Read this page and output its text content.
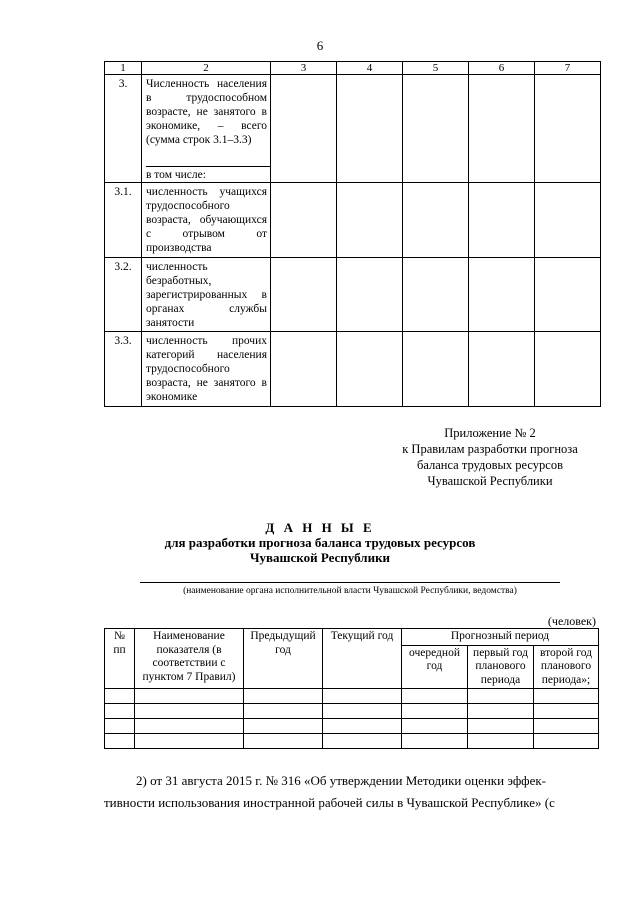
6
1	2	3	4	5	6	7
3.	Численность населения в трудоспособном возрасте, не занятого в экономике, – всего (сумма строк 3.1–3.3)					

	в том числе:					

3.1.	численность учащихся трудоспособного возраста, обучающихся с отрывом от производства					
3.2.	численность безработных, зарегистрированных в органах службы занятости					
3.3.	численность прочих категорий населения трудоспособного возраста, не занятого в экономике					
Приложение № 2
к Правилам разработки прогноза
баланса трудовых ресурсов
Чувашской Республики
Д А Н Н Ы Е
для разработки прогноза баланса трудовых ресурсов
Чувашской Республики
(наименование органа исполнительной власти Чувашской Республики, ведомства)
(человек)
№ пп	Наименование показателя (в соответствии с пунктом 7 Правил)	Предыдущий год	Текущий год	Прогнозный период		
				очередной год	первый год планового периода	второй год планового периода»;

2) от 31 августа 2015 г. № 316 «Об утверждении Методики оценки эффек-
тивности использования иностранной рабочей силы в Чувашской Республике» (с
